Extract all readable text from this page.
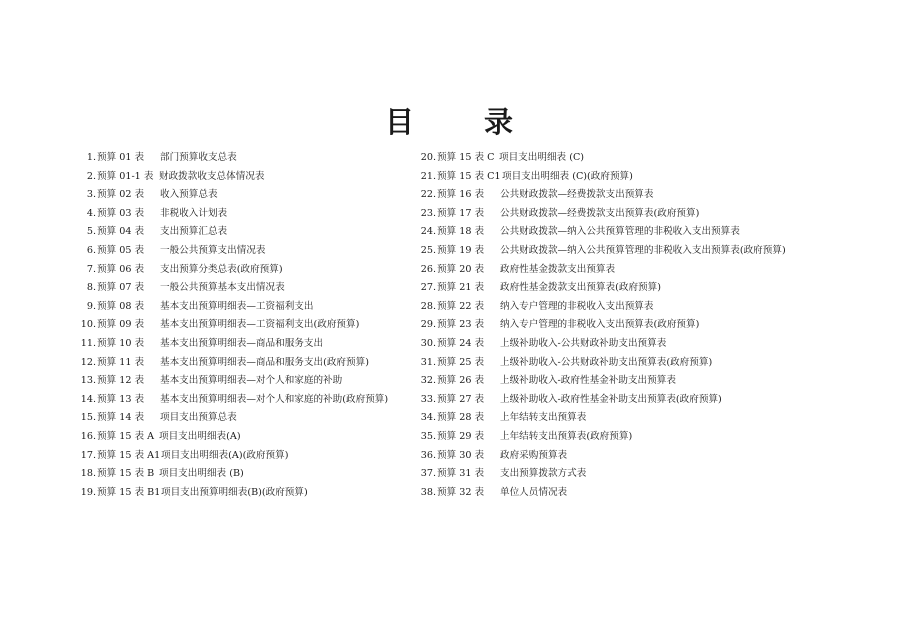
目 录
1. 预算 01 表 部门预算收支总表
2. 预算 01-1 表 财政拨款收支总体情况表
3. 预算 02 表 收入预算总表
4. 预算 03 表 非税收入计划表
5. 预算 04 表 支出预算汇总表
6. 预算 05 表 一般公共预算支出情况表
7. 预算 06 表 支出预算分类总表(政府预算)
8. 预算 07 表 一般公共预算基本支出情况表
9. 预算 08 表 基本支出预算明细表—工资福利支出
10. 预算 09 表 基本支出预算明细表—工资福利支出(政府预算)
11. 预算 10 表 基本支出预算明细表—商品和服务支出
12. 预算 11 表 基本支出预算明细表—商品和服务支出(政府预算)
13. 预算 12 表 基本支出预算明细表—对个人和家庭的补助
14. 预算 13 表 基本支出预算明细表—对个人和家庭的补助(政府预算)
15. 预算 14 表 项目支出预算总表
16. 预算 15 表 A 项目支出明细表(A)
17. 预算 15 表 A1 项目支出明细表(A)(政府预算)
18. 预算 15 表 B 项目支出明细表 (B)
19. 预算 15 表 B1 项目支出预算明细表(B)(政府预算)
20. 预算 15 表 C 项目支出明细表 (C)
21. 预算 15 表 C1 项目支出明细表 (C)(政府预算)
22. 预算 16 表 公共财政拨款—经费拨款支出预算表
23. 预算 17 表 公共财政拨款—经费拨款支出预算表(政府预算)
24. 预算 18 表 公共财政拨款—纳入公共预算管理的非税收入支出预算表
25. 预算 19 表 公共财政拨款—纳入公共预算管理的非税收入支出预算表(政府预算)
26. 预算 20 表 政府性基金拨款支出预算表
27. 预算 21 表 政府性基金拨款支出预算表(政府预算)
28. 预算 22 表 纳入专户管理的非税收入支出预算表
29. 预算 23 表 纳入专户管理的非税收入支出预算表(政府预算)
30. 预算 24 表 上级补助收入-公共财政补助支出预算表
31. 预算 25 表 上级补助收入-公共财政补助支出预算表(政府预算)
32. 预算 26 表 上级补助收入-政府性基金补助支出预算表
33. 预算 27 表 上级补助收入-政府性基金补助支出预算表(政府预算)
34. 预算 28 表 上年结转支出预算表
35. 预算 29 表 上年结转支出预算表(政府预算)
36. 预算 30 表 政府采购预算表
37. 预算 31 表 支出预算拨款方式表
38. 预算 32 表 单位人员情况表
